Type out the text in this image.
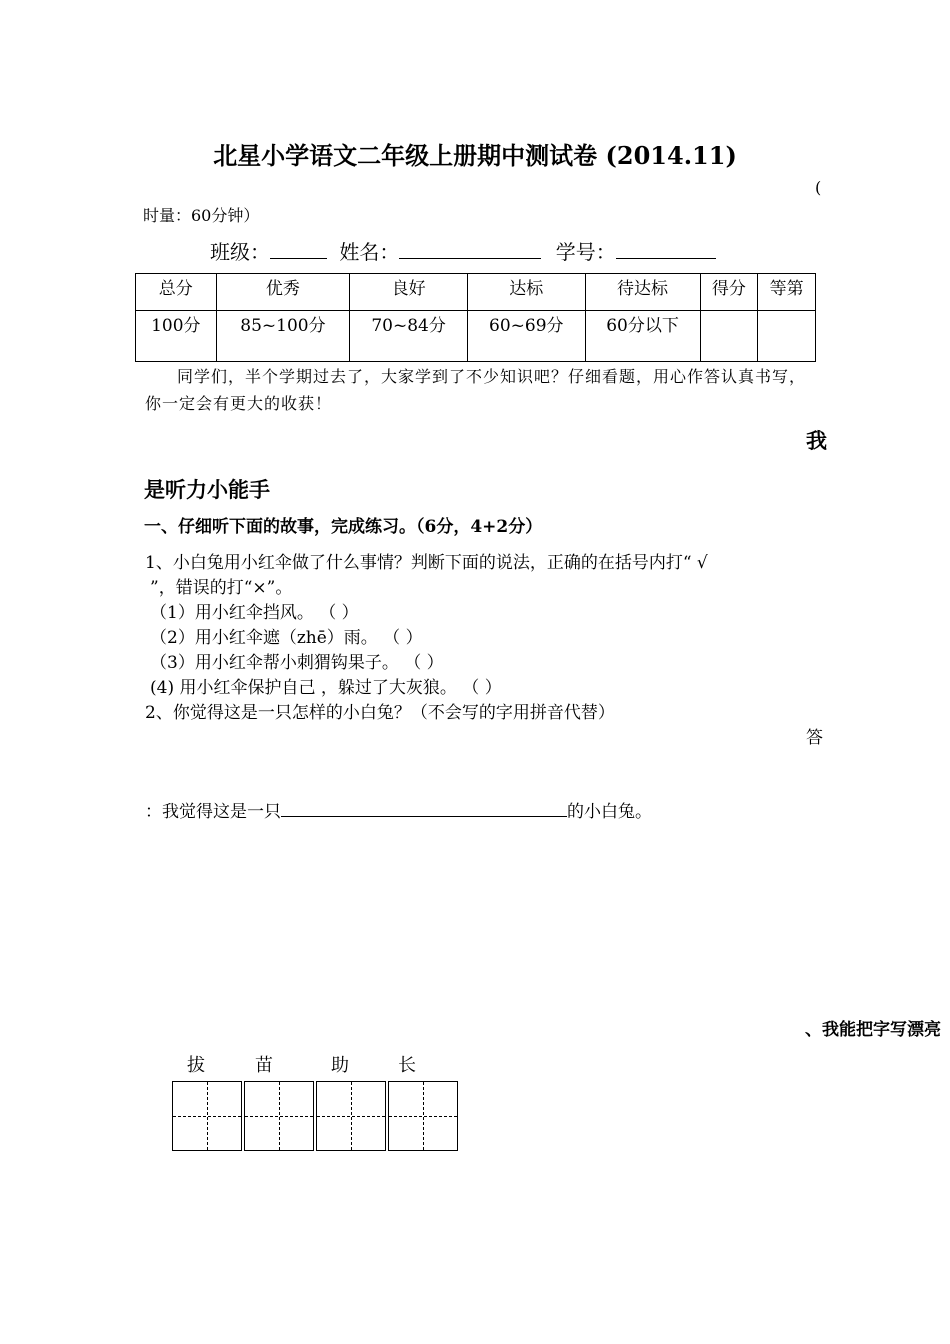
北星小学语文二年级上册期中测试卷 (2014.11)
(
时量：60分钟）
班级：	姓名：	学号：
总分	优秀	良好	达标	待达标	得分	等第
100分	85~100分	70~84分	60~69分	60分以下		
同学们，半个学期过去了，大家学到了不少知识吧？仔细看题，用心作答认真书写，你一定会有更大的收获！
我
是听力小能手
一、仔细听下面的故事，完成练习。（6分，4+2分）
1、小白兔用小红伞做了什么事情？判断下面的说法，正确的在括号内打“ √
”，错误的打“×”。
（1）用小红伞挡风。 （ ）
（2）用小红伞遮（zhē）雨。 （ ）
（3）用小红伞帮小刺猬钩果子。 （ ）
(4) 用小红伞保护自己 ，躲过了大灰狼。 （ ）
2、你觉得这是一只怎样的小白兔？（不会写的字用拼音代替）
答
：我觉得这是一只	的小白兔。
、我能把字写漂亮
拔	苗	助	长
